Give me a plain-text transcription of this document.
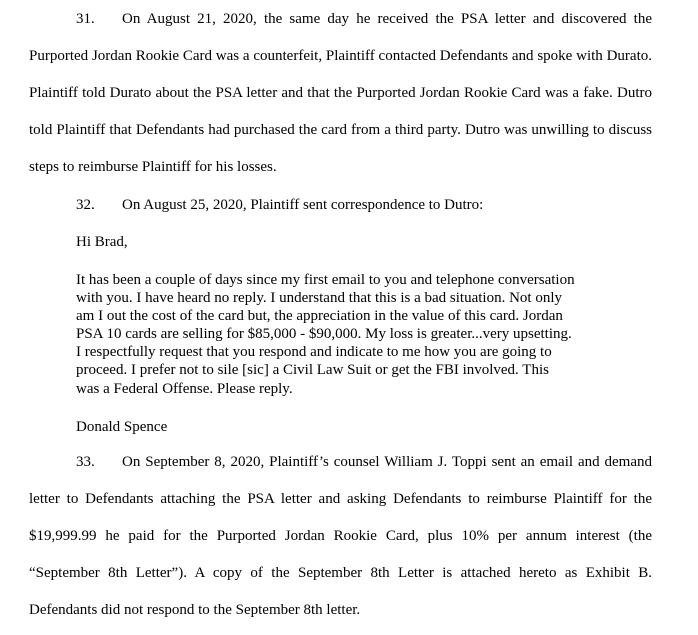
31. On August 21, 2020, the same day he received the PSA letter and discovered the Purported Jordan Rookie Card was a counterfeit, Plaintiff contacted Defendants and spoke with Durato. Plaintiff told Durato about the PSA letter and that the Purported Jordan Rookie Card was a fake. Dutro told Plaintiff that Defendants had purchased the card from a third party. Dutro was unwilling to discuss steps to reimburse Plaintiff for his losses.

32. On August 25, 2020, Plaintiff sent correspondence to Dutro:

Hi Brad,

It has been a couple of days since my first email to you and telephone conversation
with you. I have heard no reply. I understand that this is a bad situation. Not only
am I out the cost of the card but, the appreciation in the value of this card. Jordan
PSA 10 cards are selling for $85,000 - $90,000. My loss is greater...very upsetting.
I respectfully request that you respond and indicate to me how you are going to
proceed. I prefer not to sile [sic] a Civil Law Suit or get the FBI involved. This
was a Federal Offense. Please reply.

Donald Spence

33. On September 8, 2020, Plaintiff’s counsel William J. Toppi sent an email and demand letter to Defendants attaching the PSA letter and asking Defendants to reimburse Plaintiff for the $19,999.99 he paid for the Purported Jordan Rookie Card, plus 10% per annum interest (the “September 8th Letter”). A copy of the September 8th Letter is attached hereto as Exhibit B. Defendants did not respond to the September 8th letter.
